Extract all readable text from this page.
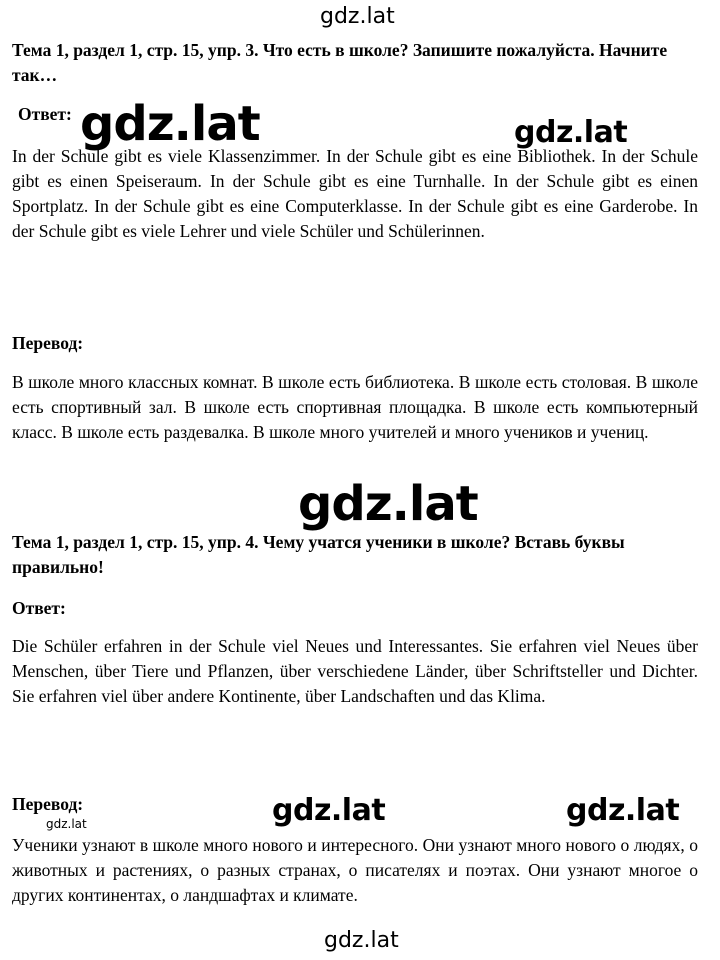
Тема 1, раздел 1, стр. 15, упр. 3. Что есть в школе? Запишите пожалуйста. Начните так…
Ответ:

In der Schule gibt es viele Klassenzimmer. In der Schule gibt es eine Bibliothek. In der Schule gibt es einen Speiseraum. In der Schule gibt es eine Turnhalle. In der Schule gibt es einen Sportplatz. In der Schule gibt es eine Computerklasse. In der Schule gibt es eine Garderobe. In der Schule gibt es viele Lehrer und viele Schüler und Schülerinnen.

Перевод:

В школе много классных комнат. В школе есть библиотека. В школе есть столовая. В школе есть спортивный зал. В школе есть спортивная площадка. В школе есть компьютерный класс. В школе есть раздевалка. В школе много учителей и много учеников и учениц.

Тема 1, раздел 1, стр. 15, упр. 4. Чему учатся ученики в школе? Вставь буквы правильно!
Ответ:

Die Schüler erfahren in der Schule viel Neues und Interessantes. Sie erfahren viel Neues über Menschen, über Tiere und Pflanzen, über verschiedene Länder, über Schriftsteller und Dichter. Sie erfahren viel über andere Kontinente, über Landschaften und das Klima.

Перевод:

Ученики узнают в школе много нового и интересного. Они узнают много нового о людях, о животных и растениях, о разных странах, о писателях и поэтах. Они узнают многое о других континентах, о ландшафтах и климате.

gdz.lat
gdz.lat	gdz.lat
gdz.lat
gdz.lat	gdz.lat
gdz.lat
gdz.lat
